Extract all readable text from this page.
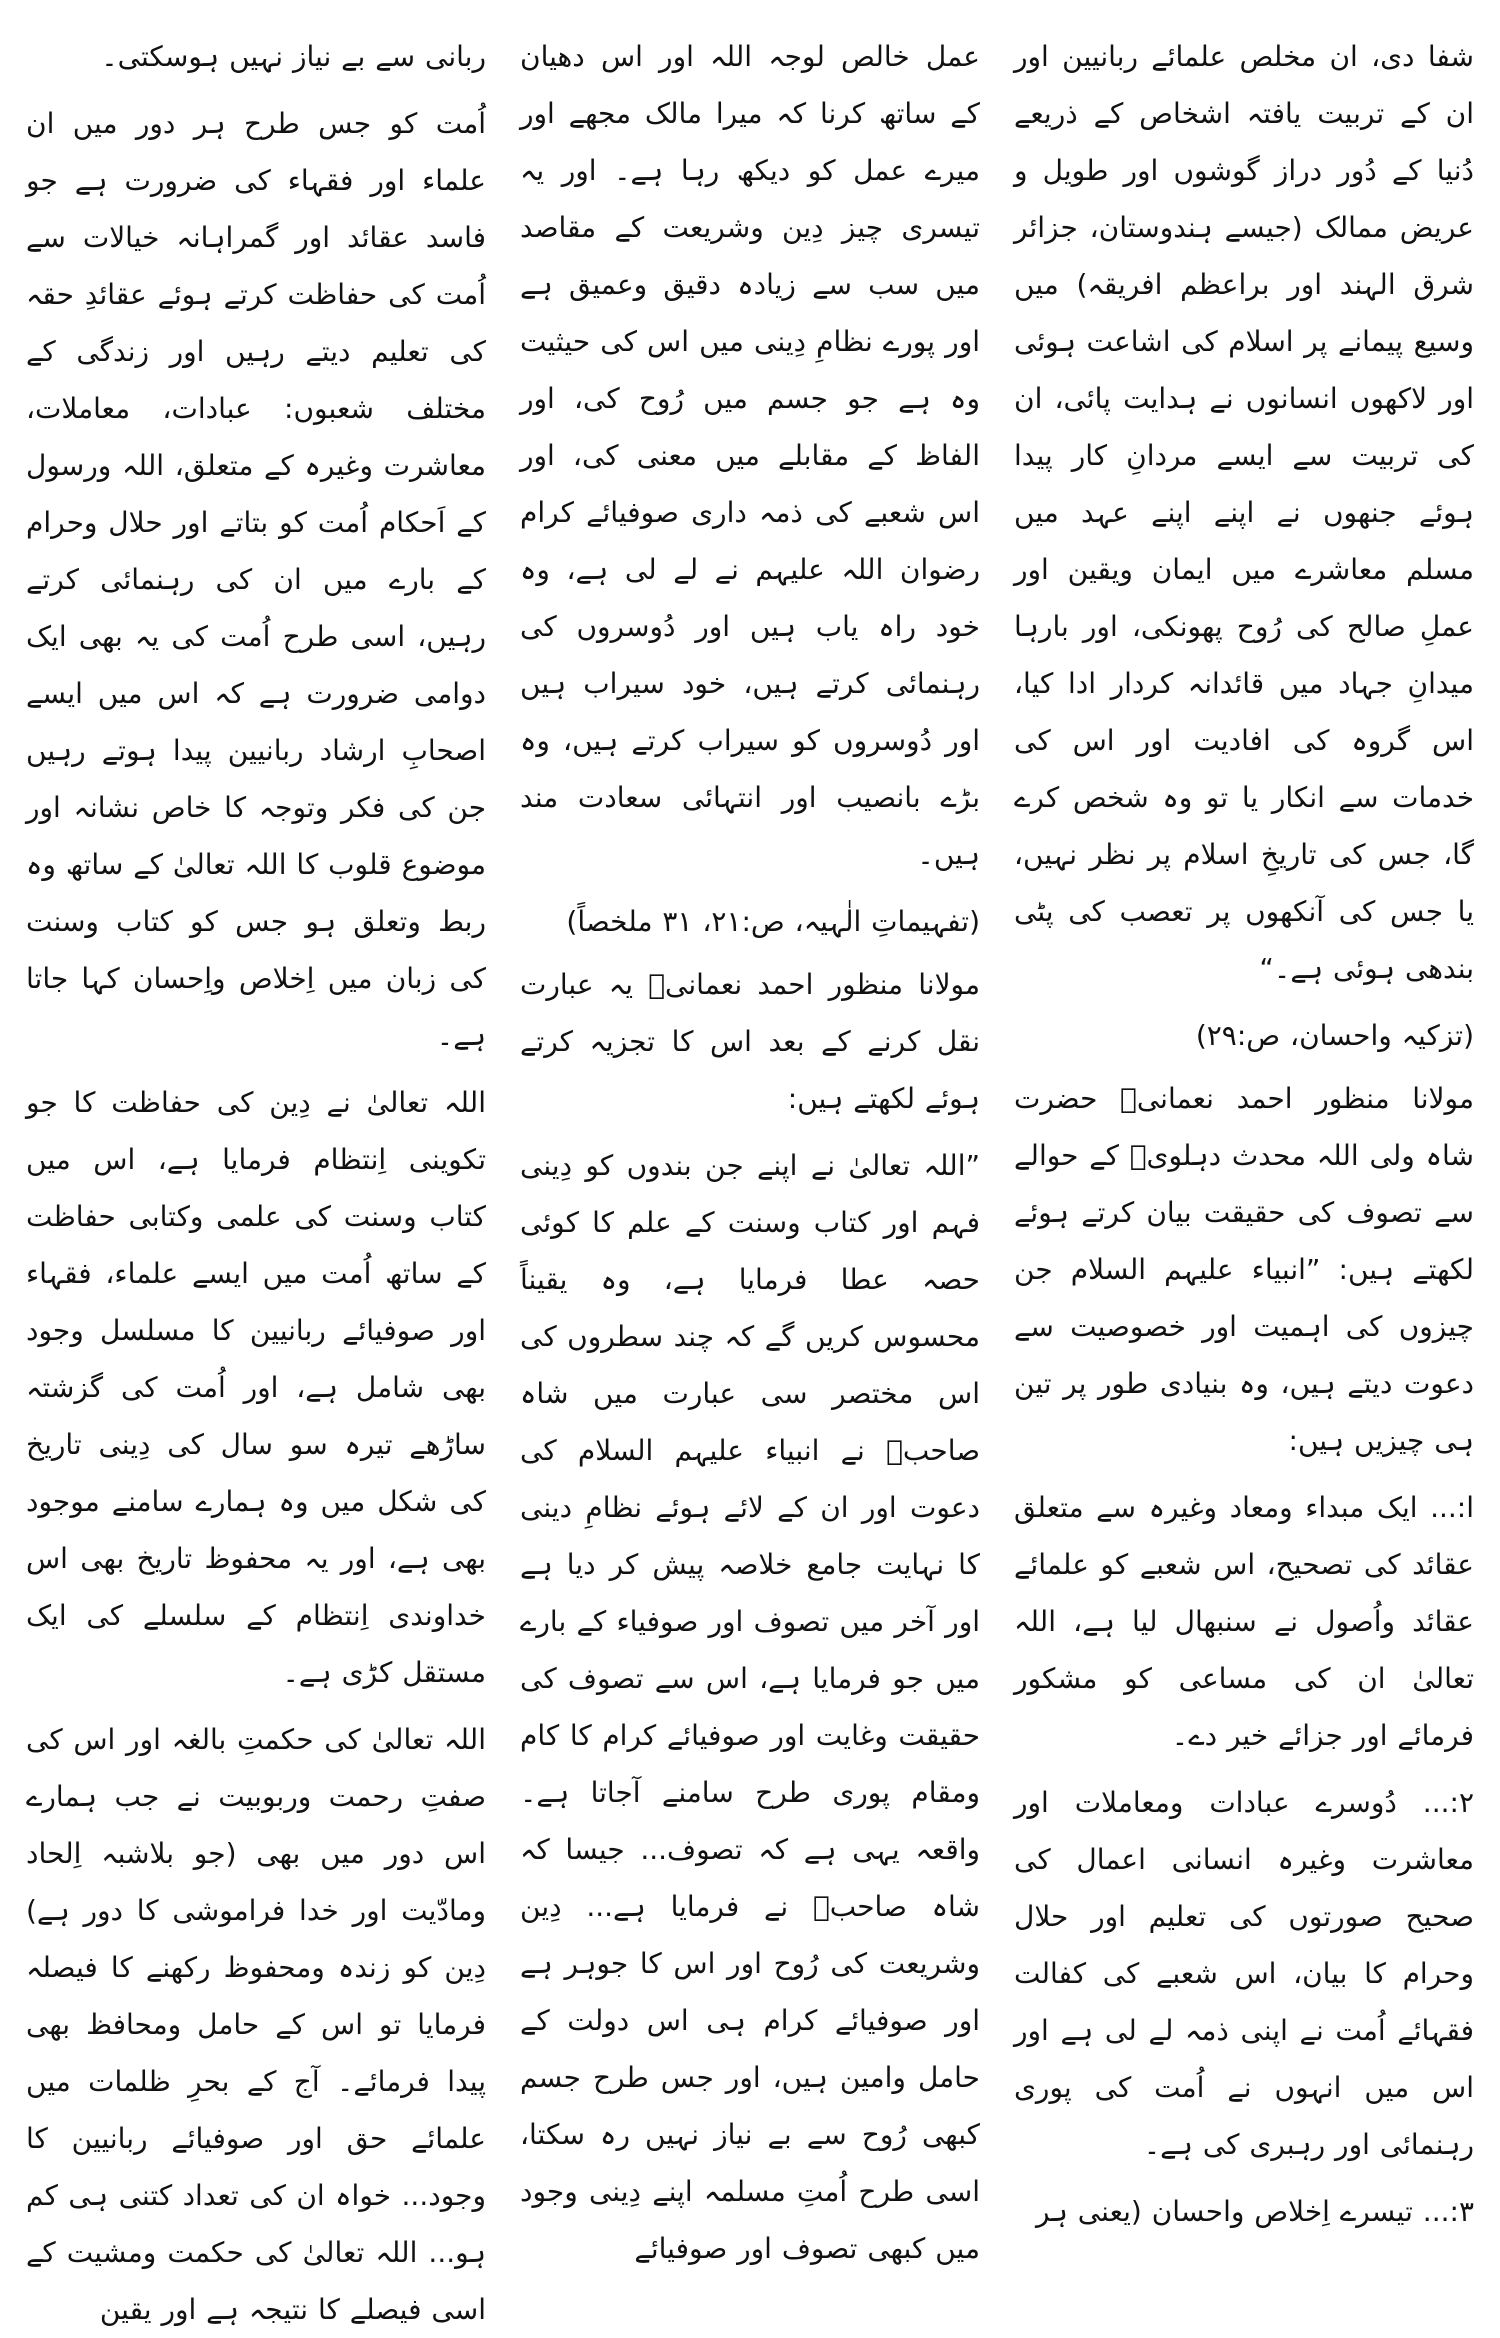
شفا دی، ان مخلص علمائے ربانیین اور ان کے تربیت یافتہ اشخاص کے ذریعے دُنیا کے دُور دراز گوشوں اور طویل و عریض ممالک (جیسے ہندوستان، جزائر شرق الہند اور براعظم افریقہ) میں وسیع پیمانے پر اسلام کی اشاعت ہوئی اور لاکھوں انسانوں نے ہدایت پائی، ان کی تربیت سے ایسے مردانِ کار پیدا ہوئے جنھوں نے اپنے اپنے عہد میں مسلم معاشرے میں ایمان ویقین اور عملِ صالح کی رُوح پھونکی، اور بارہا میدانِ جہاد میں قائدانہ کردار ادا کیا، اس گروہ کی افادیت اور اس کی خدمات سے انکار یا تو وہ شخص کرے گا، جس کی تاریخِ اسلام پر نظر نہیں، یا جس کی آنکھوں پر تعصب کی پٹی بندھی ہوئی ہے۔“

(تزکیہ واحسان، ص:۲۹)

مولانا منظور احمد نعمانیؒ حضرت شاہ ولی اللہ محدث دہلویؒ کے حوالے سے تصوف کی حقیقت بیان کرتے ہوئے لکھتے ہیں: ”انبیاء علیہم السلام جن چیزوں کی اہمیت اور خصوصیت سے دعوت دیتے ہیں، وہ بنیادی طور پر تین ہی چیزیں ہیں:

ا:... ایک مبداء ومعاد وغیرہ سے متعلق عقائد کی تصحیح، اس شعبے کو علمائے عقائد واُصول نے سنبھال لیا ہے، اللہ تعالیٰ ان کی مساعی کو مشکور فرمائے اور جزائے خیر دے۔

۲:... دُوسرے عبادات ومعاملات اور معاشرت وغیرہ انسانی اعمال کی صحیح صورتوں کی تعلیم اور حلال وحرام کا بیان، اس شعبے کی کفالت فقہائے اُمت نے اپنی ذمہ لے لی ہے اور اس میں انہوں نے اُمت کی پوری رہنمائی اور رہبری کی ہے۔

۳:... تیسرے اِخلاص واحسان (یعنی ہر

عمل خالص لوجہ اللہ اور اس دھیان کے ساتھ کرنا کہ میرا مالک مجھے اور میرے عمل کو دیکھ رہا ہے۔ اور یہ تیسری چیز دِین وشریعت کے مقاصد میں سب سے زیادہ دقیق وعمیق ہے اور پورے نظامِ دِینی میں اس کی حیثیت وہ ہے جو جسم میں رُوح کی، اور الفاظ کے مقابلے میں معنی کی، اور اس شعبے کی ذمہ داری صوفیائے کرام رضوان اللہ علیہم نے لے لی ہے، وہ خود راہ یاب ہیں اور دُوسروں کی رہنمائی کرتے ہیں، خود سیراب ہیں اور دُوسروں کو سیراب کرتے ہیں، وہ بڑے بانصیب اور انتہائی سعادت مند ہیں۔

(تفہیماتِ الٰہیہ، ص:۲۱، ۳۱ ملخصاً)

مولانا منظور احمد نعمانیؒ یہ عبارت نقل کرنے کے بعد اس کا تجزیہ کرتے ہوئے لکھتے ہیں:

”اللہ تعالیٰ نے اپنے جن بندوں کو دِینی فہم اور کتاب وسنت کے علم کا کوئی حصہ عطا فرمایا ہے، وہ یقیناً محسوس کریں گے کہ چند سطروں کی اس مختصر سی عبارت میں شاہ صاحبؒ نے انبیاء علیہم السلام کی دعوت اور ان کے لائے ہوئے نظامِ دینی کا نہایت جامع خلاصہ پیش کر دیا ہے اور آخر میں تصوف اور صوفیاء کے بارے میں جو فرمایا ہے، اس سے تصوف کی حقیقت وغایت اور صوفیائے کرام کا کام ومقام پوری طرح سامنے آجاتا ہے۔ واقعہ یہی ہے کہ تصوف... جیسا کہ شاہ صاحبؒ نے فرمایا ہے... دِین وشریعت کی رُوح اور اس کا جوہر ہے اور صوفیائے کرام ہی اس دولت کے حامل وامین ہیں، اور جس طرح جسم کبھی رُوح سے بے نیاز نہیں رہ سکتا، اسی طرح اُمتِ مسلمہ اپنے دِینی وجود میں کبھی تصوف اور صوفیائے

ربانی سے بے نیاز نہیں ہوسکتی۔

اُمت کو جس طرح ہر دور میں ان علماء اور فقہاء کی ضرورت ہے جو فاسد عقائد اور گمراہانہ خیالات سے اُمت کی حفاظت کرتے ہوئے عقائدِ حقہ کی تعلیم دیتے رہیں اور زندگی کے مختلف شعبوں: عبادات، معاملات، معاشرت وغیرہ کے متعلق، اللہ ورسول کے اَحکام اُمت کو بتاتے اور حلال وحرام کے بارے میں ان کی رہنمائی کرتے رہیں، اسی طرح اُمت کی یہ بھی ایک دوامی ضرورت ہے کہ اس میں ایسے اصحابِ ارشاد ربانیین پیدا ہوتے رہیں جن کی فکر وتوجہ کا خاص نشانہ اور موضوع قلوب کا اللہ تعالیٰ کے ساتھ وہ ربط وتعلق ہو جس کو کتاب وسنت کی زبان میں اِخلاص واِحسان کہا جاتا ہے۔

اللہ تعالیٰ نے دِین کی حفاظت کا جو تکوینی اِنتظام فرمایا ہے، اس میں کتاب وسنت کی علمی وکتابی حفاظت کے ساتھ اُمت میں ایسے علماء، فقہاء اور صوفیائے ربانیین کا مسلسل وجود بھی شامل ہے، اور اُمت کی گزشتہ ساڑھے تیرہ سو سال کی دِینی تاریخ کی شکل میں وہ ہمارے سامنے موجود بھی ہے، اور یہ محفوظ تاریخ بھی اس خداوندی اِنتظام کے سلسلے کی ایک مستقل کڑی ہے۔

اللہ تعالیٰ کی حکمتِ بالغہ اور اس کی صفتِ رحمت وربوبیت نے جب ہمارے اس دور میں بھی (جو بلاشبہ اِلحاد ومادّیت اور خدا فراموشی کا دور ہے) دِین کو زندہ ومحفوظ رکھنے کا فیصلہ فرمایا تو اس کے حامل ومحافظ بھی پیدا فرمائے۔ آج کے بحرِ ظلمات میں علمائے حق اور صوفیائے ربانیین کا وجود... خواہ ان کی تعداد کتنی ہی کم ہو... اللہ تعالیٰ کی حکمت ومشیت کے اسی فیصلے کا نتیجہ ہے اور یقین
